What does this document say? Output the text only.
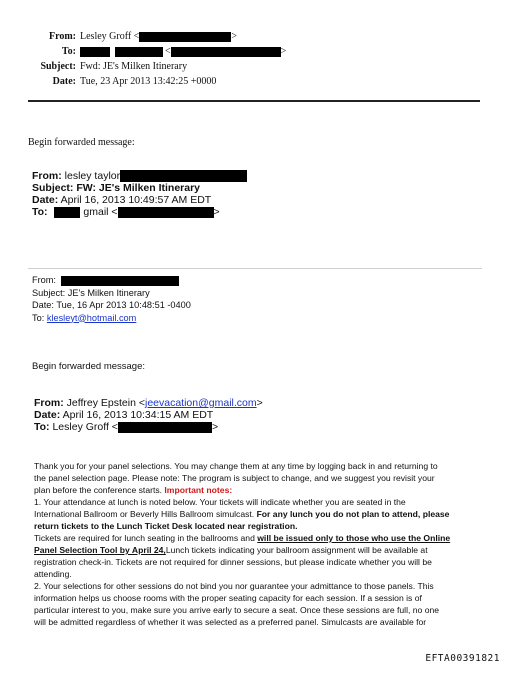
From: Lesley Groff <	>
To:	<	>
Subject: Fwd: JE's Milken Itinerary
Date: Tue, 23 Apr 2013 13:42:25 +0000
Begin forwarded message:
From: lesley taylor
Subject: FW: JE's Milken Itinerary
Date: April 16, 2013 10:49:57 AM EDT
To:	gmail <	>
From:
Subject: JE's Milken Itinerary
Date: Tue, 16 Apr 2013 10:48:51 -0400
To: klesleyt@hotmail.com
Begin forwarded message:
From: Jeffrey Epstein <jeevacation@gmail.com>
Date: April 16, 2013 10:34:15 AM EDT
To: Lesley Groff <	>

Thank you for your panel selections. You may change them at any time by logging back in and returning to

the panel selection page. Please note: The program is subject to change, and we suggest you revisit your

plan before the conference starts. Important notes:

1. Your attendance at lunch is noted below. Your tickets will indicate whether you are seated in the

International Ballroom or Beverly Hills Ballroom simulcast. For any lunch you do not plan to attend, please

return tickets to the Lunch Ticket Desk located near registration.

Tickets are required for lunch seating in the ballrooms and will be issued only to those who use the Online

Panel Selection Tool by April 24,Lunch tickets indicating your ballroom assignment will be available at

registration check-in. Tickets are not required for dinner sessions, but please indicate whether you will be

attending.

2. Your selections for other sessions do not bind you nor guarantee your admittance to those panels. This

information helps us choose rooms with the proper seating capacity for each session. If a session is of

particular interest to you, make sure you arrive early to secure a seat. Once these sessions are full, no one

will be admitted regardless of whether it was selected as a preferred panel. Simulcasts are available for

EFTA00391821
